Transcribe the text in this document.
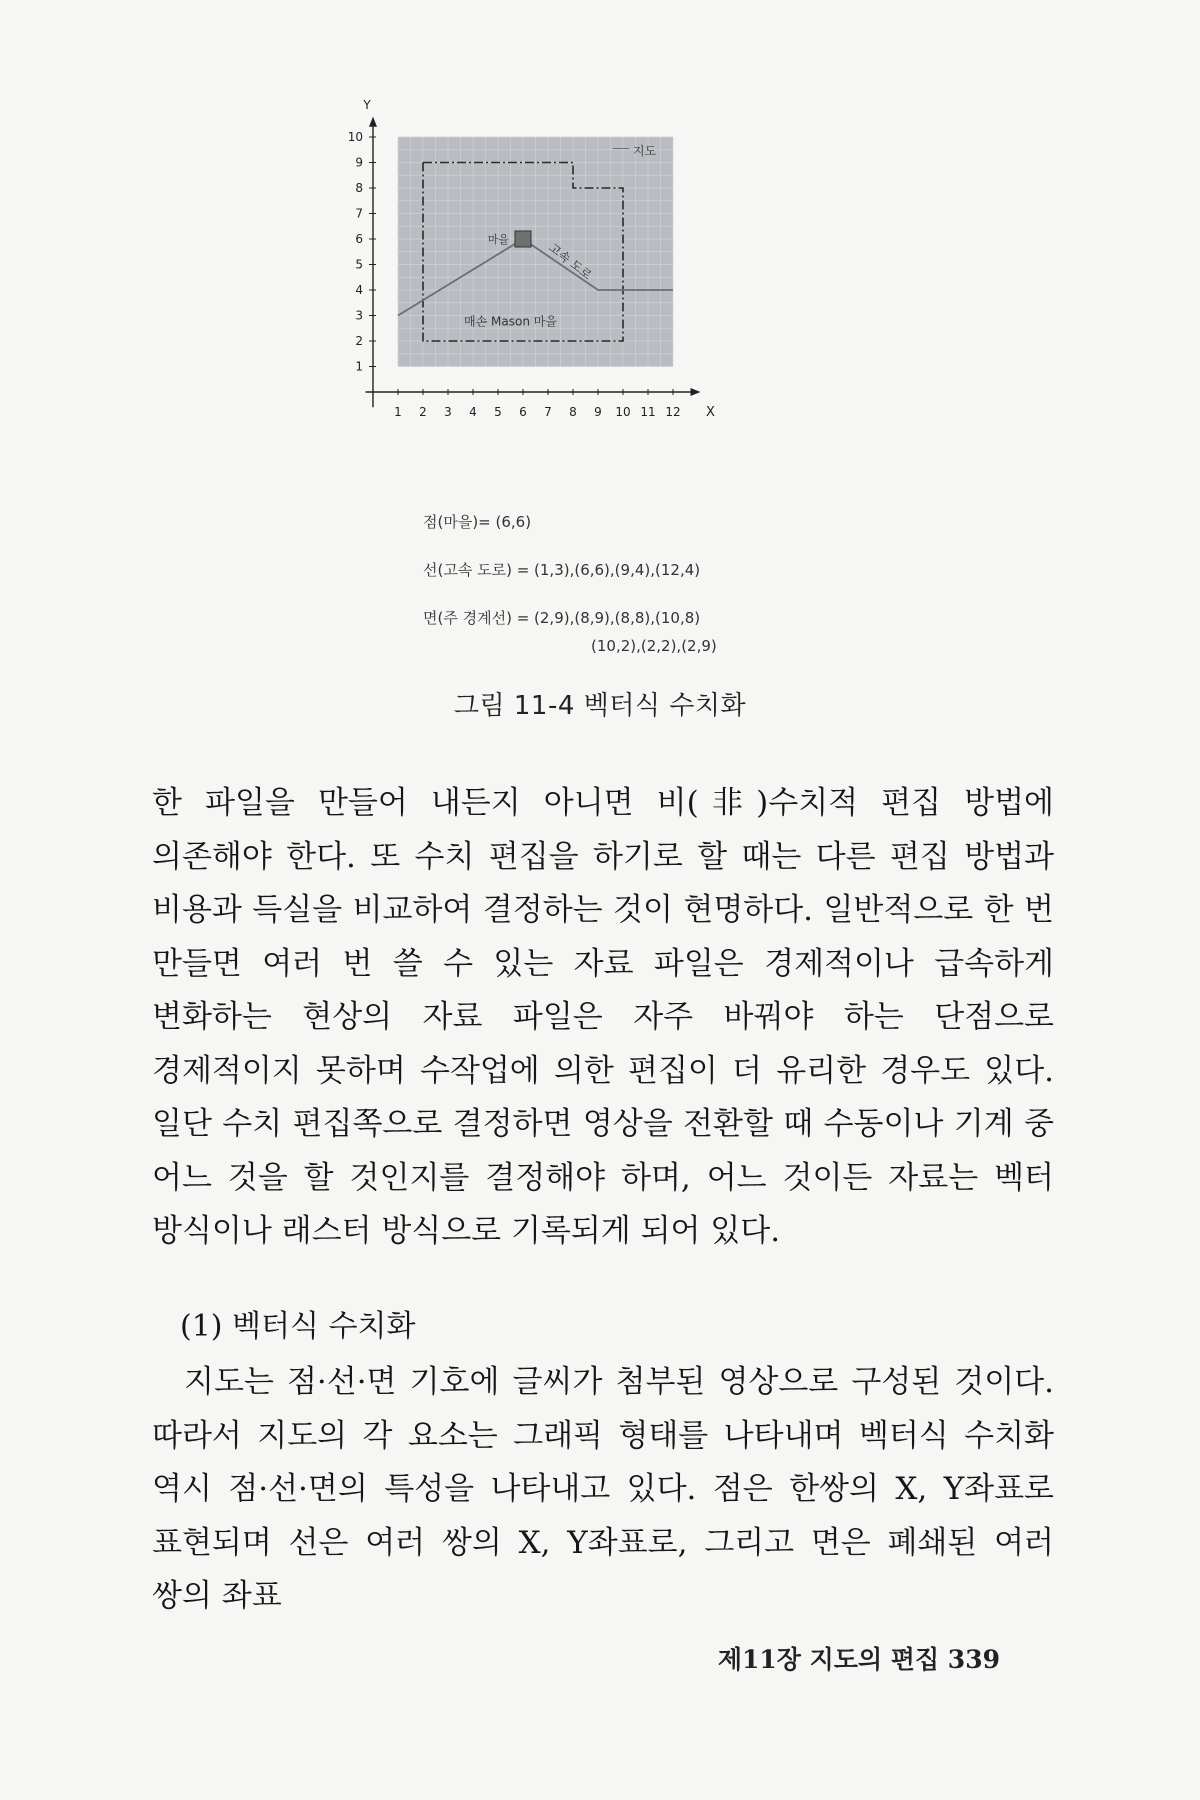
1
2
3
4
5
6
7
8
9
10
1 2 3 4 5 6 7 8 9 10 11 12
Y
X
지도
마을
고속 도로
매손 Mason 마을
점(마을)= (6,6)
선(고속 도로) = (1,3),(6,6),(9,4),(12,4)
면(주 경계선) = (2,9),(8,9),(8,8),(10,8)
(10,2),(2,2),(2,9)
그림 11-4 벡터식 수치화

한 파일을 만들어 내든지 아니면 비(非)수치적 편집 방법에 의존해야 한다. 또 수치 편집을 하기로 할 때는 다른 편집 방법과 비용과 득실을 비교하여 결정하는 것이 현명하다. 일반적으로 한 번 만들면 여러 번 쓸 수 있는 자료 파일은 경제적이나 급속하게 변화하는 현상의 자료 파일은 자주 바꿔야 하는 단점으로 경제적이지 못하며 수작업에 의한 편집이 더 유리한 경우도 있다. 일단 수치 편집쪽으로 결정하면 영상을 전환할 때 수동이나 기계 중 어느 것을 할 것인지를 결정해야 하며, 어느 것이든 자료는 벡터 방식이나 래스터 방식으로 기록되게 되어 있다.

(1) 벡터식 수치화

지도는 점·선·면 기호에 글씨가 첨부된 영상으로 구성된 것이다. 따라서 지도의 각 요소는 그래픽 형태를 나타내며 벡터식 수치화 역시 점·선·면의 특성을 나타내고 있다. 점은 한쌍의 X, Y좌표로 표현되며 선은 여러 쌍의 X, Y좌표로, 그리고 면은 폐쇄된 여러 쌍의 좌표

제11장 지도의 편집 339
